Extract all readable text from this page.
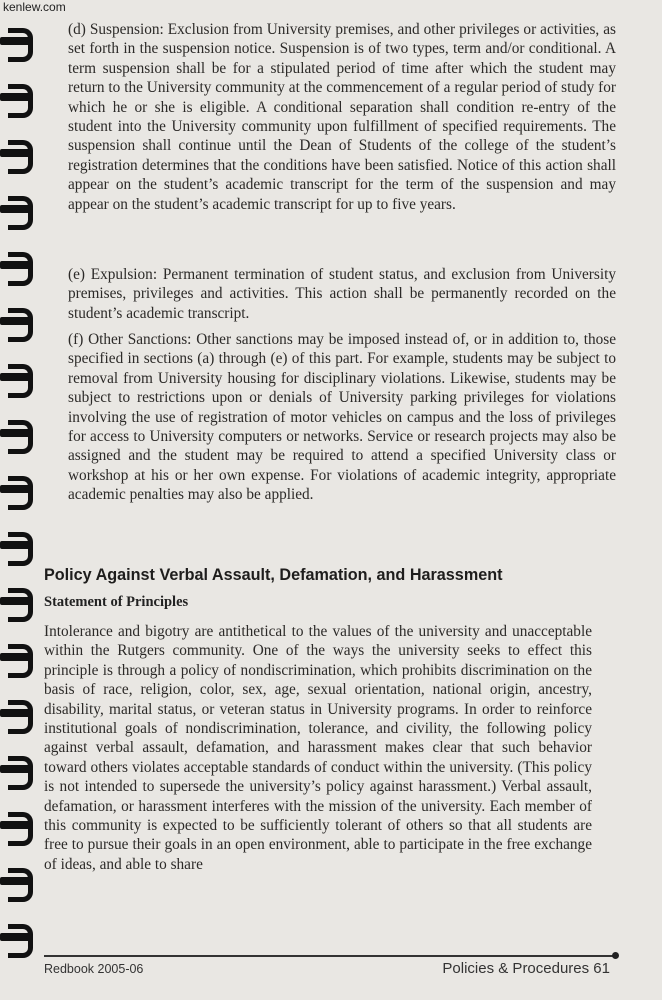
kenlew.com

(d) Suspension: Exclusion from University premises, and other privileges or activities, as set forth in the suspension notice. Suspension is of two types, term and/or conditional. A term suspension shall be for a stipulated period of time after which the student may return to the University community at the commencement of a regular period of study for which he or she is eligible. A conditional separation shall condition re-entry of the student into the University community upon fulfillment of specified requirements. The suspension shall continue until the Dean of Students of the college of the student’s registration determines that the conditions have been satisfied. Notice of this action shall appear on the student’s academic transcript for the term of the suspension and may appear on the student’s academic transcript for up to five years.

(e) Expulsion: Permanent termination of student status, and exclusion from University premises, privileges and activities. This action shall be permanently recorded on the student’s academic transcript.

(f) Other Sanctions: Other sanctions may be imposed instead of, or in addition to, those specified in sections (a) through (e) of this part. For example, students may be subject to removal from University housing for disciplinary violations. Likewise, students may be subject to restrictions upon or denials of University parking privileges for violations involving the use of registration of motor vehicles on campus and the loss of privileges for access to University computers or networks. Service or research projects may also be assigned and the student may be required to attend a specified University class or workshop at his or her own expense. For violations of academic integrity, appropriate academic penalties may also be applied.

Policy Against Verbal Assault, Defamation, and Harassment
Statement of Principles

Intolerance and bigotry are antithetical to the values of the university and unacceptable within the Rutgers community. One of the ways the university seeks to effect this principle is through a policy of nondiscrimination, which prohibits discrimination on the basis of race, religion, color, sex, age, sexual orientation, national origin, ancestry, disability, marital status, or veteran status in University programs. In order to reinforce institutional goals of nondiscrimination, tolerance, and civility, the following policy against verbal assault, defamation, and harassment makes clear that such behavior toward others violates acceptable standards of conduct within the university. (This policy is not intended to supersede the university’s policy against harassment.) Verbal assault, defamation, or harassment interferes with the mission of the university. Each member of this community is expected to be sufficiently tolerant of others so that all students are free to pursue their goals in an open environment, able to participate in the free exchange of ideas, and able to share

Redbook 2005-06	Policies & Procedures 61
